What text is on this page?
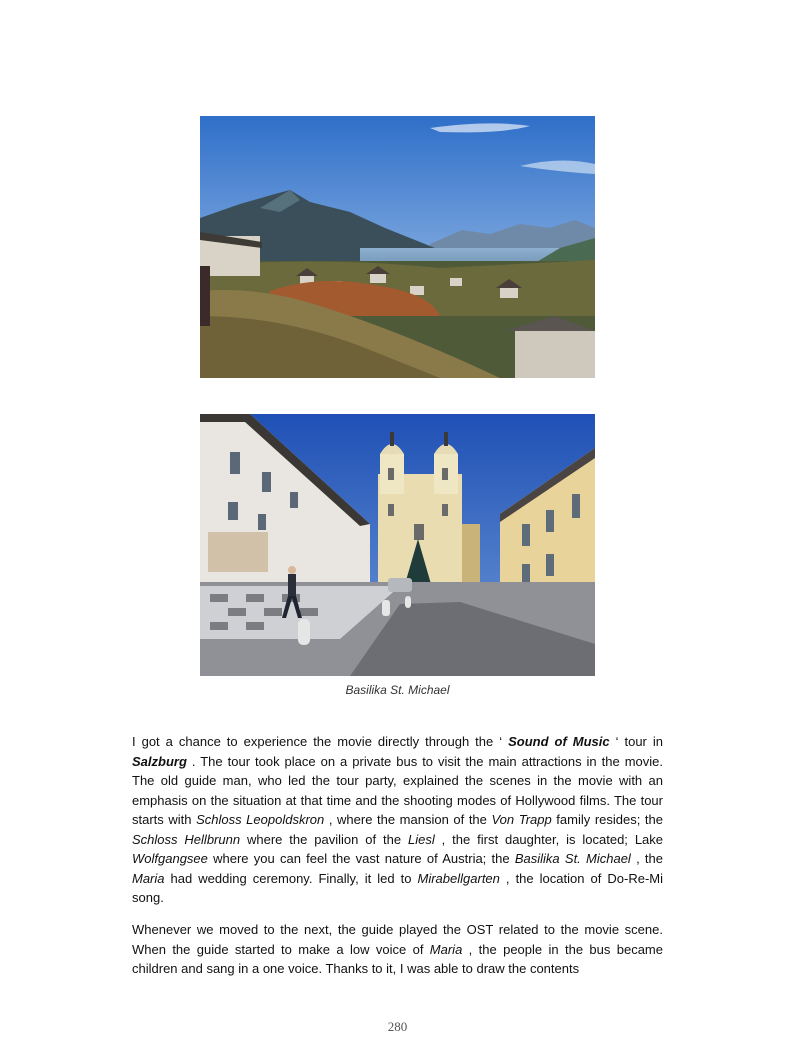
Basilika St. Michael

I got a chance to experience the movie directly through the ‘ Sound of Music ‘ tour in Salzburg . The tour took place on a private bus to visit the main attractions in the movie. The old guide man, who led the tour party, explained the scenes in the movie with an emphasis on the situation at that time and the shooting modes of Hollywood films. The tour starts with Schloss Leopoldskron , where the mansion of the Von Trapp family resides; the Schloss Hellbrunn where the pavilion of the Liesl , the first daughter, is located; Lake Wolfgangsee where you can feel the vast nature of Austria; the Basilika St. Michael , the Maria had wedding ceremony. Finally, it led to Mirabellgarten , the location of Do-Re-Mi song.

Whenever we moved to the next, the guide played the OST related to the movie scene. When the guide started to make a low voice of Maria , the people in the bus became children and sang in a one voice. Thanks to it, I was able to draw the contents

280
